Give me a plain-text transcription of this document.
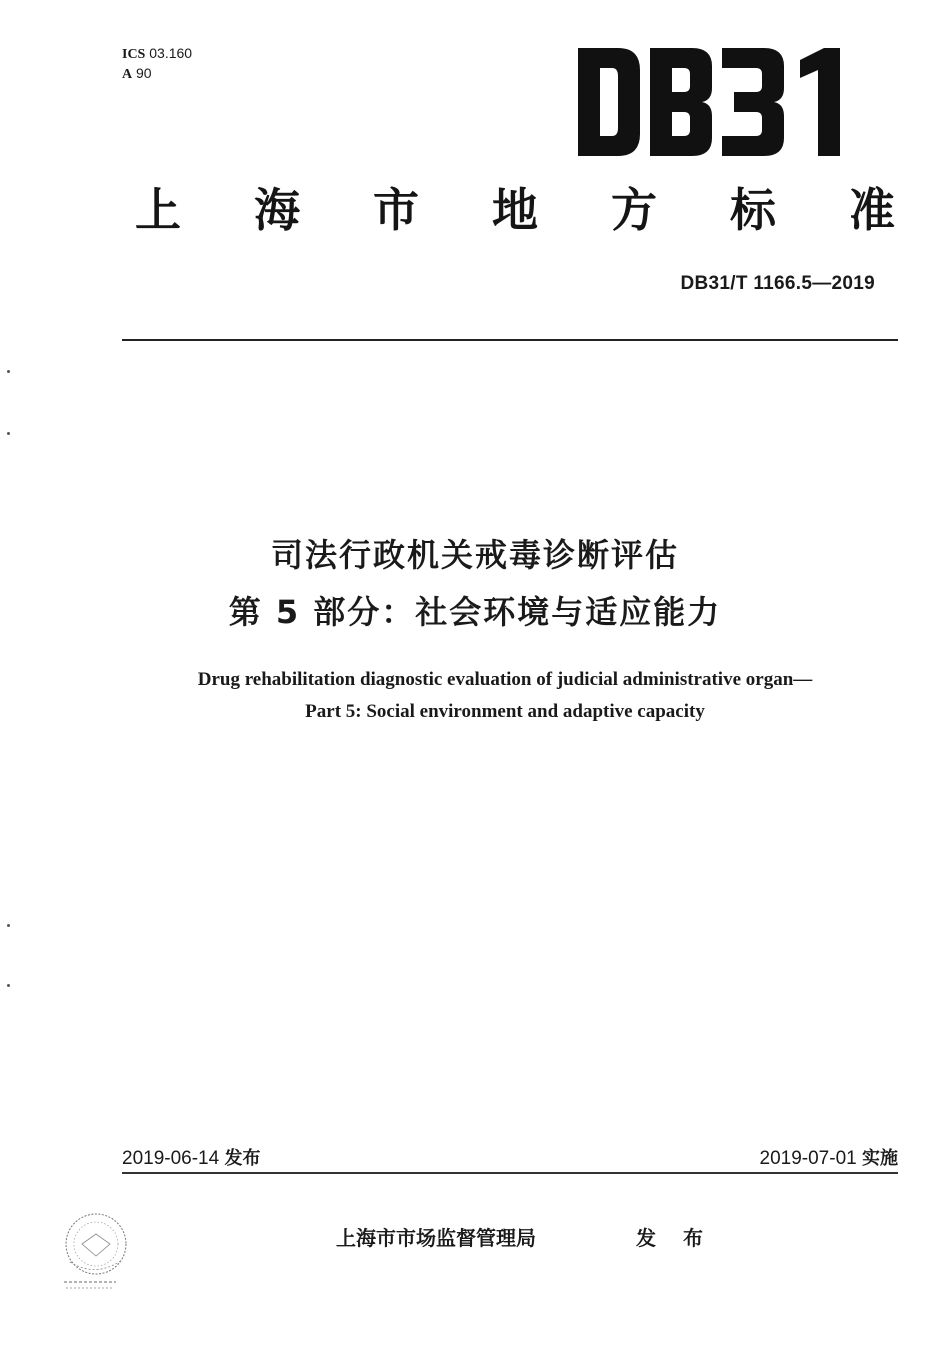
ICS 03.160
A 90
上 海 市 地 方 标 准
DB31/T 1166.5—2019
司法行政机关戒毒诊断评估
第 5 部分：社会环境与适应能力
Drug rehabilitation diagnostic evaluation of judicial administrative organ—
Part 5: Social environment and adaptive capacity
2019-06-14 发布	2019-07-01 实施
上海市市场监督管理局	发 布
